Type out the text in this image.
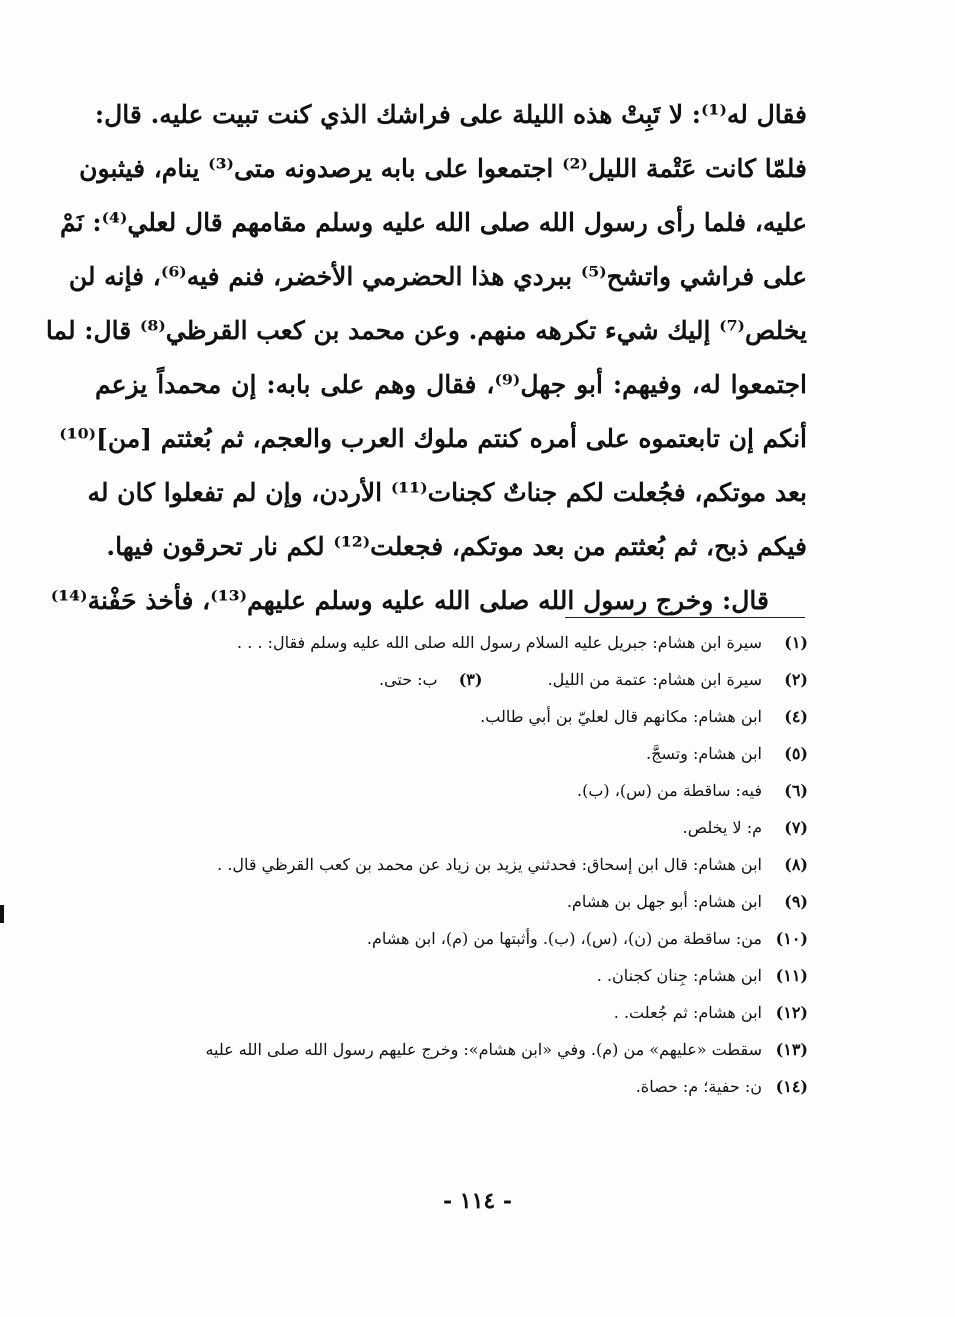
فقال له⁽¹⁾: لا تَبِتْ هذه الليلة على فراشك الذي كنت تبيت عليه. قال:
فلمّا كانت عَتْمة الليل⁽²⁾ اجتمعوا على بابه يرصدونه متى⁽³⁾ ينام، فيثبون
عليه، فلما رأى رسول الله صلى الله عليه وسلم مقامهم قال لعلي⁽⁴⁾: نَمْ
على فراشي واتشح⁽⁵⁾ ببردي هذا الحضرمي الأخضر، فنم فيه⁽⁶⁾، فإنه لن
يخلص⁽⁷⁾ إليك شيء تكرهه منهم. وعن محمد بن كعب القرظي⁽⁸⁾ قال: لما
اجتمعوا له، وفيهم: أبو جهل⁽⁹⁾، فقال وهم على بابه: إن محمداً يزعم
أنكم إن تابعتموه على أمره كنتم ملوك العرب والعجم، ثم بُعثتم [من]⁽¹⁰⁾
بعد موتكم، فجُعلت لكم جناتٌ كجنات⁽¹¹⁾ الأردن، وإن لم تفعلوا كان له
فيكم ذبح، ثم بُعثتم من بعد موتكم، فجعلت⁽¹²⁾ لكم نار تحرقون فيها.
قال: وخرج رسول الله صلى الله عليه وسلم عليهم⁽¹³⁾، فأخذ حَفْنة⁽¹⁴⁾
(١)
سيرة ابن هشام: جبريل عليه السلام رسول الله صلى الله عليه وسلم فقال: . . .
(٢)
سيرة ابن هشام: عتمة من الليل. (٣) ب: حتى.
(٤)
ابن هشام: مكانهم قال لعليّ بن أبي طالب.
(٥)
ابن هشام: وتسجَّ.
(٦)
فيه: ساقطة من (س)، (ب).
(٧)
م: لا يخلص.
(٨)
ابن هشام: قال ابن إسحاق: فحدثني يزيد بن زياد عن محمد بن كعب القرظي قال. .
(٩)
ابن هشام: أبو جهل بن هشام.
(١٠)
من: ساقطة من (ن)، (س)، (ب). وأثبتها من (م)، ابن هشام.
(١١)
ابن هشام: جِنان كجنان. .
(١٢)
ابن هشام: ثم جُعلت. .
(١٣)
سقطت «عليهم» من (م). وفي «ابن هشام»: وخرج عليهم رسول الله صلى الله عليه
(١٤)
ن: حفية؛ م: حصاة.
- ١١٤ -
